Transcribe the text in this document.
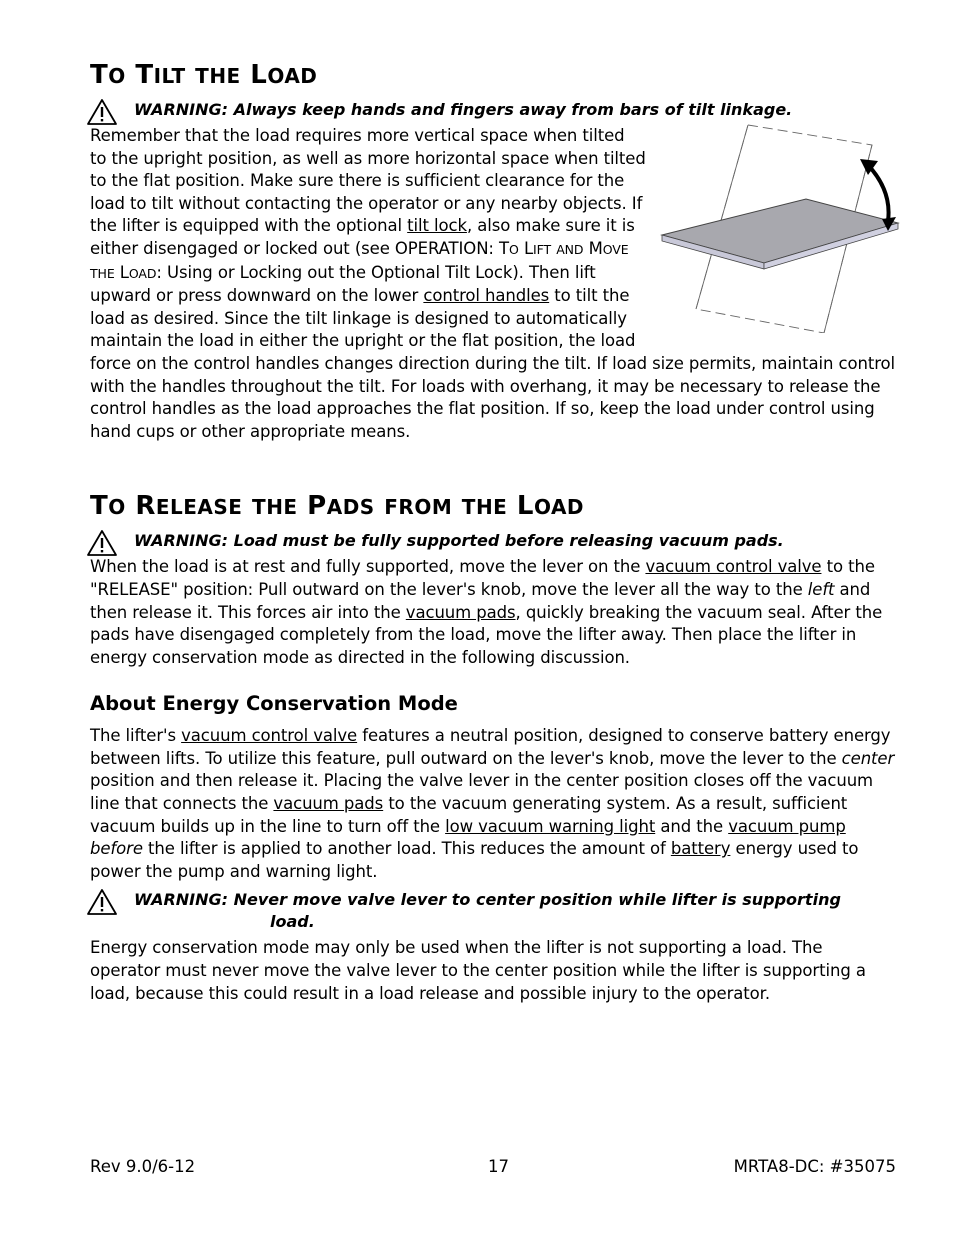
TO TILT THE LOAD
WARNING: Always keep hands and fingers away from bars of tilt linkage.

Remember that the load requires more vertical space when tilted to the upright position, as well as more horizontal space when tilted to the flat position. Make sure there is sufficient clearance for the load to tilt without contacting the operator or any nearby objects. If the lifter is equipped with the optional tilt lock, also make sure it is either disengaged or locked out (see OPERATION: TO LIFT AND MOVE THE LOAD: Using or Locking out the Optional Tilt Lock). Then lift upward or press downward on the lower control handles to tilt the load as desired. Since the tilt linkage is designed to automatically maintain the load in either the upright or the flat position, the load force on the control handles changes direction during the tilt. If load size permits, maintain control with the handles throughout the tilt. For loads with overhang, it may be necessary to release the control handles as the load approaches the flat position. If so, keep the load under control using hand cups or other appropriate means.

TO RELEASE THE PADS FROM THE LOAD
WARNING: Load must be fully supported before releasing vacuum pads.

When the load is at rest and fully supported, move the lever on the vacuum control valve to the "RELEASE" position: Pull outward on the lever's knob, move the lever all the way to the left and then release it. This forces air into the vacuum pads, quickly breaking the vacuum seal. After the pads have disengaged completely from the load, move the lifter away. Then place the lifter in energy conservation mode as directed in the following discussion.

About Energy Conservation Mode

The lifter's vacuum control valve features a neutral position, designed to conserve battery energy between lifts. To utilize this feature, pull outward on the lever's knob, move the lever to the center position and then release it. Placing the valve lever in the center position closes off the vacuum line that connects the vacuum pads to the vacuum generating system. As a result, sufficient vacuum builds up in the line to turn off the low vacuum warning light and the vacuum pump before the lifter is applied to another load. This reduces the amount of battery energy used to power the pump and warning light.

WARNING: Never move valve lever to center position while lifter is supporting
load.

Energy conservation mode may only be used when the lifter is not supporting a load. The operator must never move the valve lever to the center position while the lifter is supporting a load, because this could result in a load release and possible injury to the operator.

Rev 9.0/6-12	17	MRTA8-DC: #35075
